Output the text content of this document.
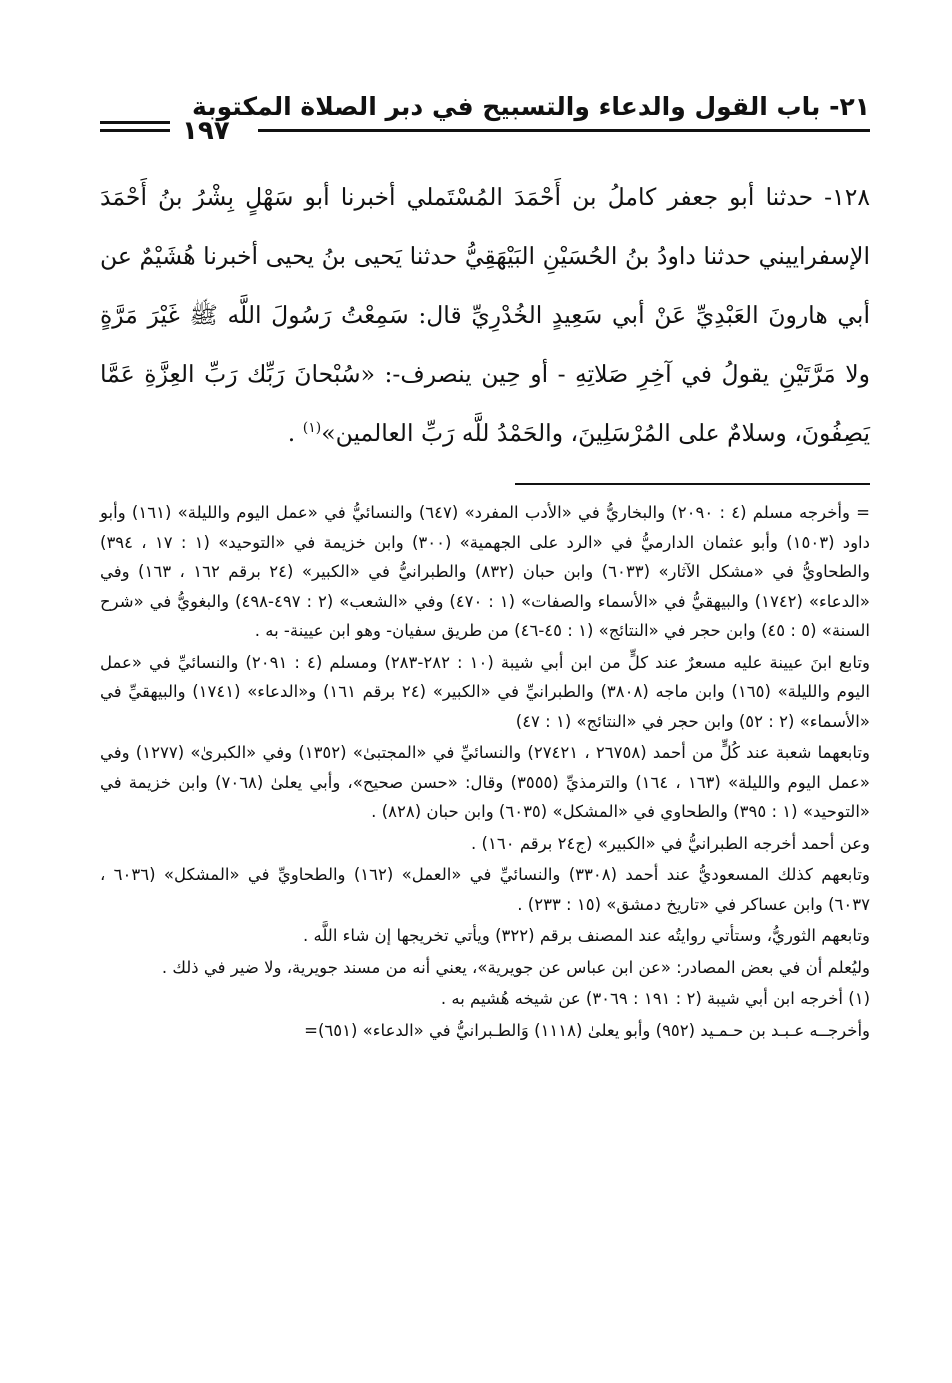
٢١- باب القول والدعاء والتسبيح في دبر الصلاة المكتوبة
١٩٧

١٢٨- حدثنا أبو جعفر كاملُ بن أَحْمَدَ المُسْتَملي أخبرنا أبو سَهْلٍ بِشْرُ بنُ أَحْمَدَ الإسفراييني حدثنا داودُ بنُ الحُسَيْنِ البَيْهَقِيُّ حدثنا يَحيى بنُ يحيى أخبرنا هُشَيْمٌ عن أبي هارونَ العَبْدِيِّ عَنْ أبي سَعِيدٍ الخُدْرِيِّ قال: سَمِعْتُ رَسُولَ اللَّه ﷺ غَيْرَ مَرَّةٍ ولا مَرَّتَيْنِ يقولُ في آخِرِ صَلاتِهِ - أو حِين ينصرف-: «سُبْحانَ رَبِّك رَبِّ العِزَّةِ عَمَّا يَصِفُونَ، وسلامٌ على المُرْسَلِينَ، والحَمْدُ للَّه رَبِّ العالمين»$^{(١)}$ .

= وأخرجه مسلم (٤ : ٢٠٩٠) والبخاريُّ في «الأدب المفرد» (٦٤٧) والنسائيُّ في «عمل اليوم والليلة» (١٦١) وأبو داود (١٥٠٣) وأبو عثمان الدارميُّ في «الرد على الجهمية» (٣٠٠) وابن خزيمة في «التوحيد» (١ : ١٧ ، ٣٩٤) والطحاويُّ في «مشكل الآثار» (٦٠٣٣) وابن حبان (٨٣٢) والطبرانيُّ في «الكبير» (٢٤ برقم ١٦٢ ، ١٦٣) وفي «الدعاء» (١٧٤٢) والبيهقيُّ في «الأسماء والصفات» (١ : ٤٧٠) وفي «الشعب» (٢ : ٤٩٧-٤٩٨) والبغويُّ في «شرح السنة» (٥ : ٤٥) وابن حجر في «النتائج» (١ : ٤٥-٤٦) من طريق سفيان- وهو ابن عيينة- به .

وتابع ابنَ عيينة عليه مسعرٌ عند كلٍّ من ابن أبي شيبة (١٠ : ٢٨٢-٢٨٣) ومسلم (٤ : ٢٠٩١) والنسائيِّ في «عمل اليوم والليلة» (١٦٥) وابن ماجه (٣٨٠٨) والطبرانيِّ في «الكبير» (٢٤ برقم ١٦١) و«الدعاء» (١٧٤١) والبيهقيِّ في «الأسماء» (٢ : ٥٢) وابن حجر في «النتائج» (١ : ٤٧)

وتابعهما شعبة عند كُلٍّ من أحمد (٢٦٧٥٨ ، ٢٧٤٢١) والنسائيِّ في «المجتبىٰ» (١٣٥٢) وفي «الكبرىٰ» (١٢٧٧) وفي «عمل اليوم والليلة» (١٦٣ ، ١٦٤) والترمذيِّ (٣٥٥٥) وقال: «حسن صحيح»، وأبي يعلىٰ (٧٠٦٨) وابن خزيمة في «التوحيد» (١ : ٣٩٥) والطحاوي في «المشكل» (٦٠٣٥) وابن حبان (٨٢٨) .

وعن أحمد أخرجه الطبرانيُّ في «الكبير» (ج٢٤ برقم ١٦٠) .

وتابعهم كذلك المسعوديُّ عند أحمد (٣٣٠٨) والنسائيِّ في «العمل» (١٦٢) والطحاويِّ في «المشكل» (٦٠٣٦ ، ٦٠٣٧) وابن عساكر في «تاريخ دمشق» (١٥ : ٢٣٣) .

وتابعهم الثوريُّ، وستأتي روايتُه عند المصنف برقم (٣٢٢) ويأتي تخريجها إن شاء اللَّه .

وليُعلم أن في بعض المصادر: «عن ابن عباس عن جويرية»، يعني أنه من مسند جويرية، ولا ضير في ذلك .

(١) أخرجه ابن أبي شيبة (٢ : ١٩١ : ٣٠٦٩) عن شيخه هُشيم به .

وأخرجــه عـبـد بن حـمـيد (٩٥٢) وأبو يعلىٰ (١١١٨) وَالطـبرانيُّ في «الدعاء» (٦٥١)=
